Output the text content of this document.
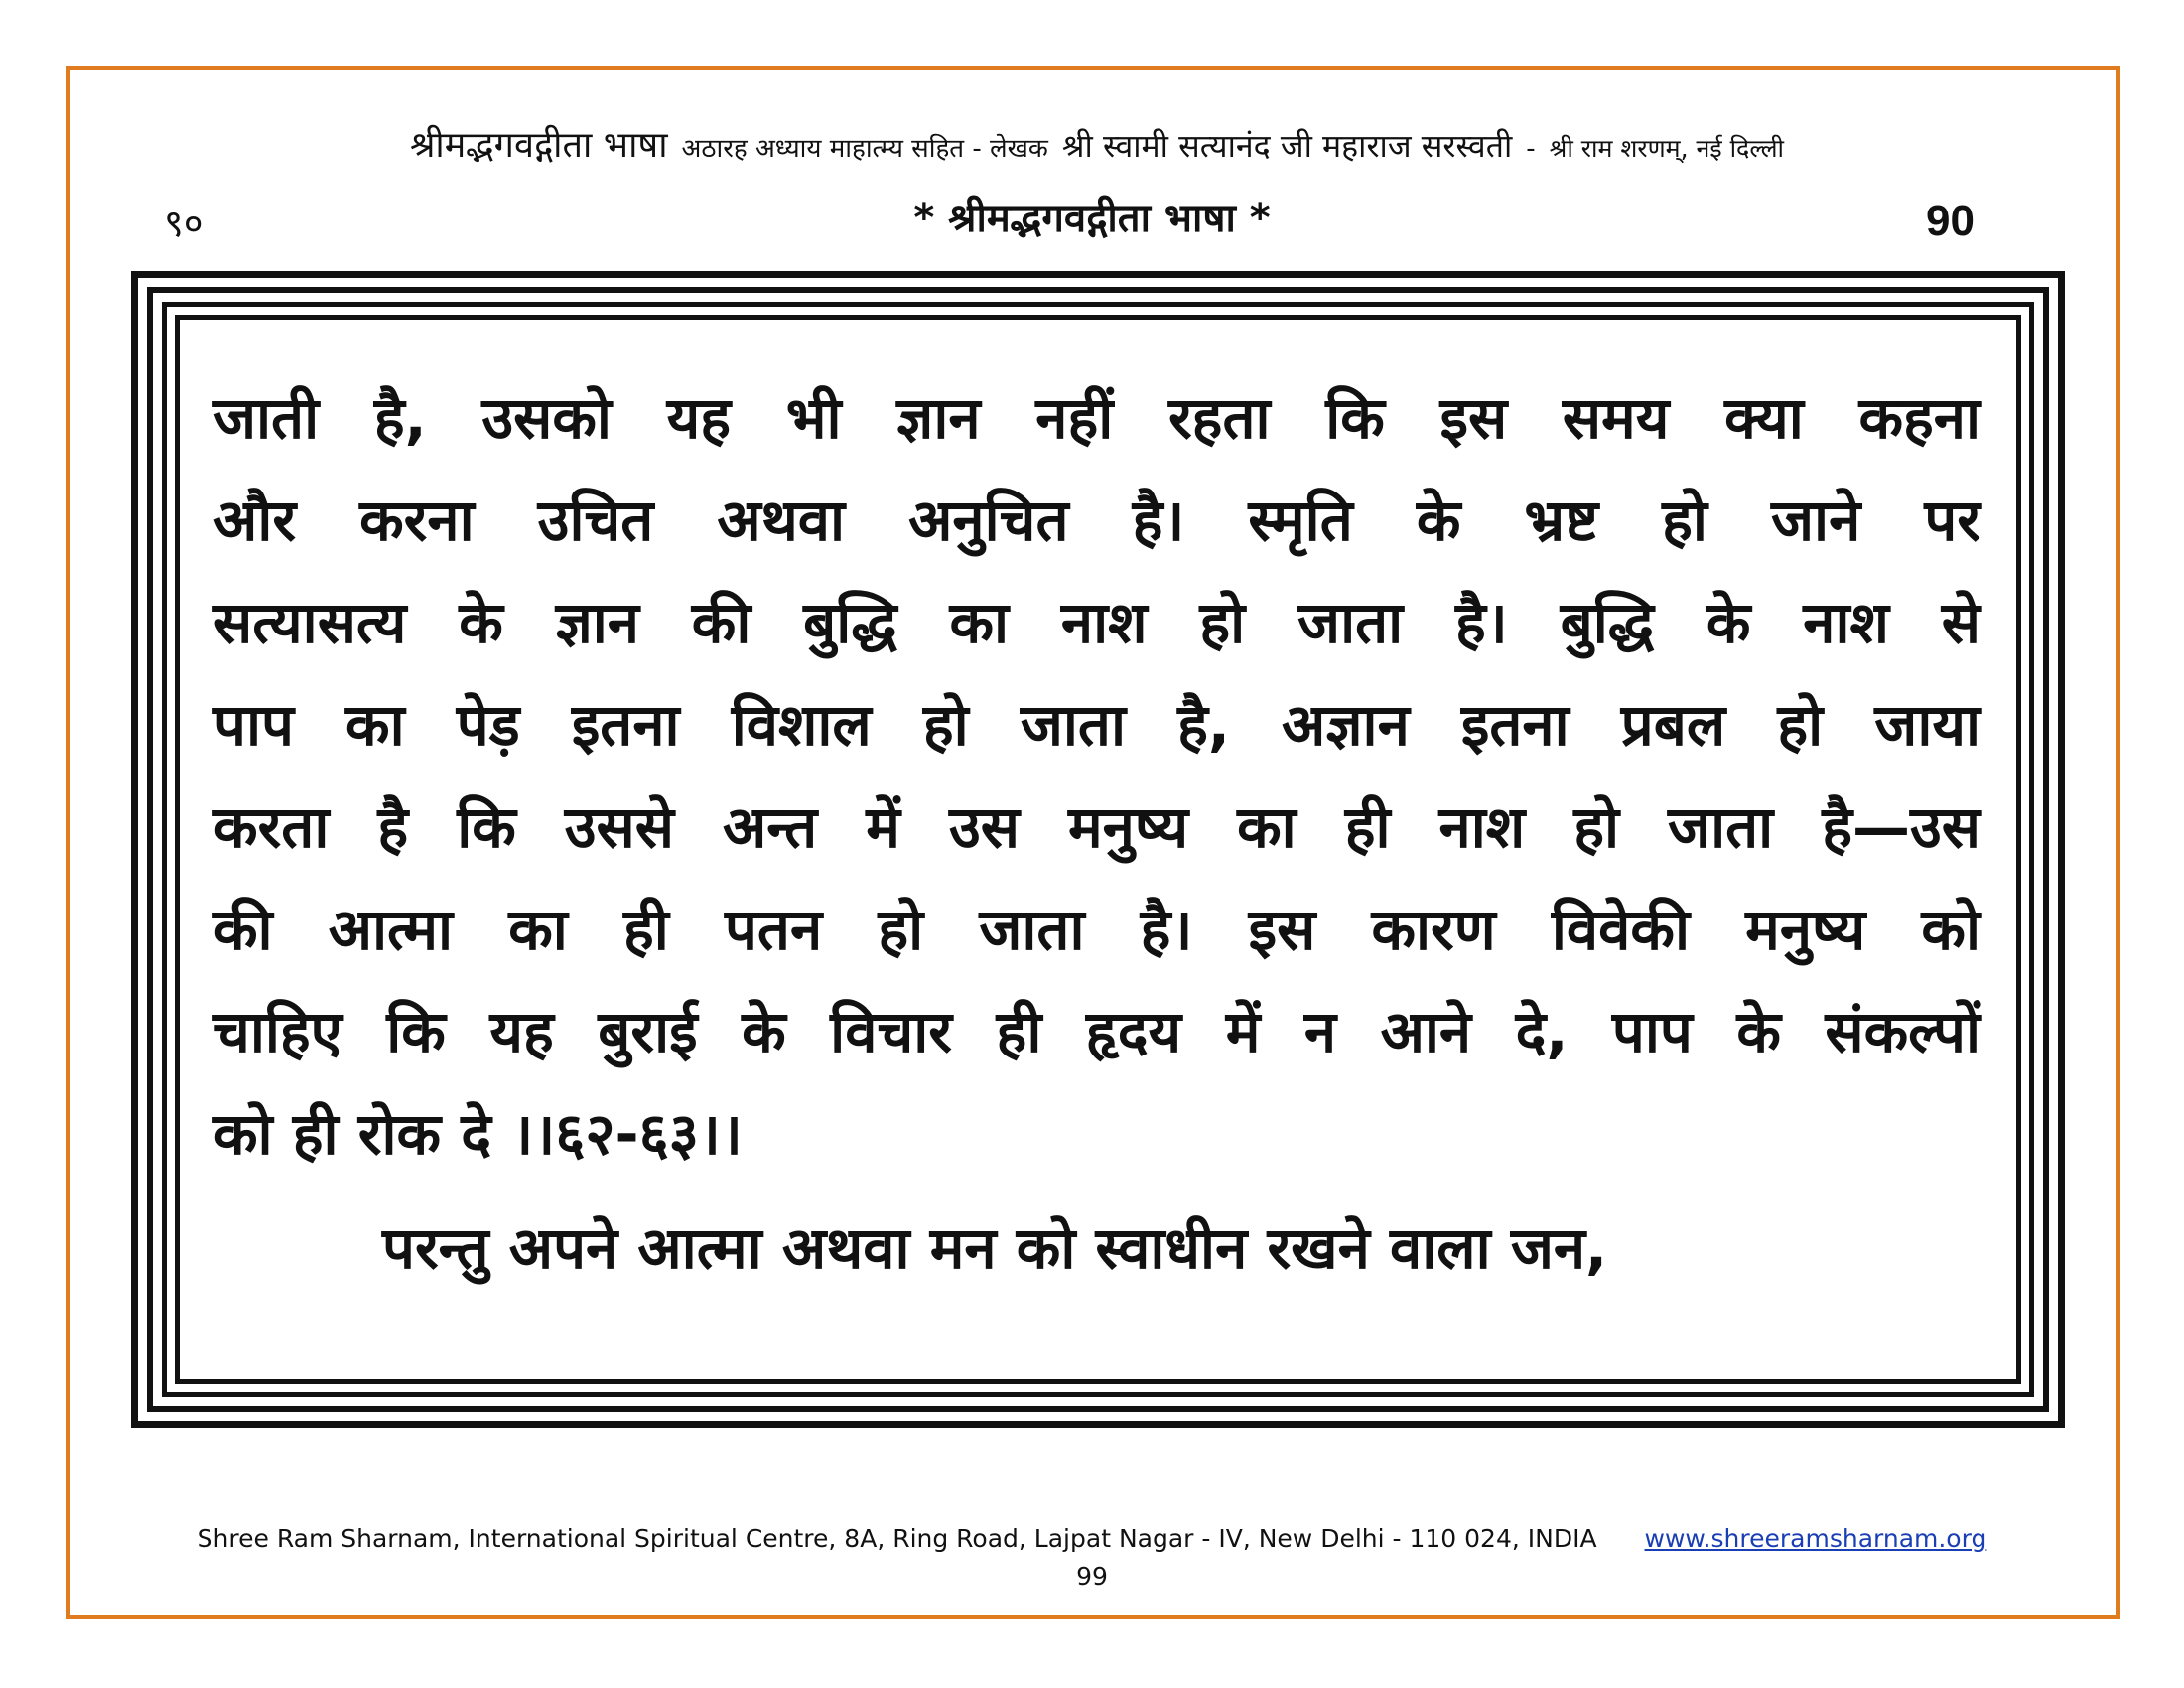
श्रीमद्भगवद्गीता भाषा अठारह अध्याय माहात्म्य सहित - लेखक श्री स्वामी सत्यानंद जी महाराज सरस्वती - श्री राम शरणम्, नई दिल्ली
९०	* श्रीमद्भगवद्गीता भाषा *	90
जाती है, उसको यह भी ज्ञान नहीं रहता कि इस समय क्या कहना
और करना उचित अथवा अनुचित है। स्मृति के भ्रष्ट हो जाने पर
सत्यासत्य के ज्ञान की बुद्धि का नाश हो जाता है। बुद्धि के नाश से
पाप का पेड़ इतना विशाल हो जाता है, अज्ञान इतना प्रबल हो जाया
करता है कि उससे अन्त में उस मनुष्य का ही नाश हो जाता है—उस
की आत्मा का ही पतन हो जाता है। इस कारण विवेकी मनुष्य को
चाहिए कि यह बुराई के विचार ही हृदय में न आने दे, पाप के संकल्पों
को ही रोक दे ।।६२-६३।।
परन्तु अपने आत्मा अथवा मन को स्वाधीन रखने वाला जन,
Shree Ram Sharnam, International Spiritual Centre, 8A, Ring Road, Lajpat Nagar - IV, New Delhi - 110 024, INDIA www.shreeramsharnam.org
99
